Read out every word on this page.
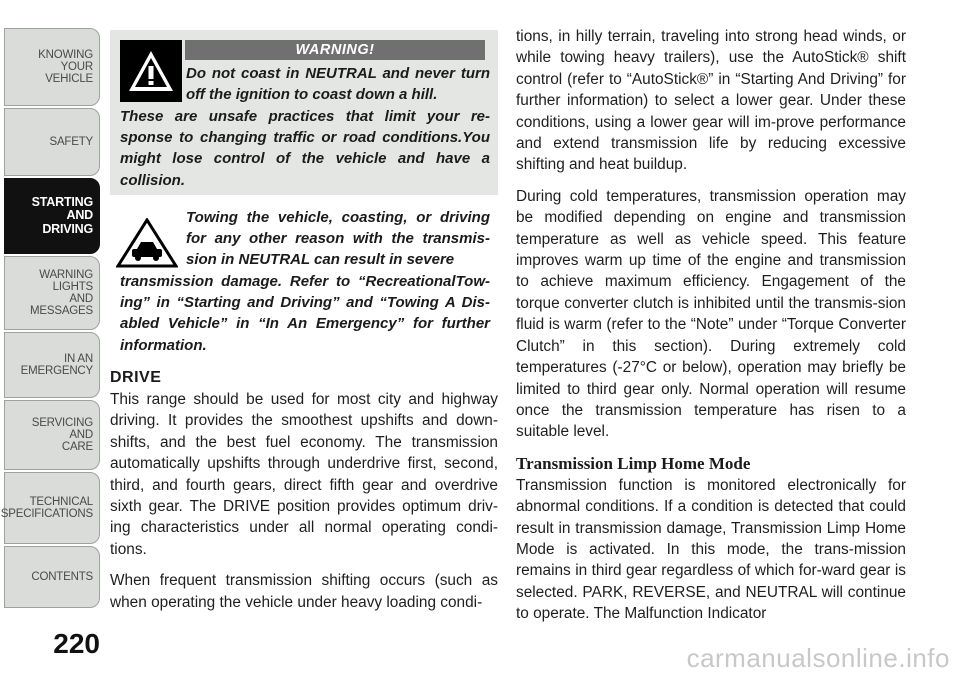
KNOWING
YOUR
VEHICLE
SAFETY
STARTING
AND
DRIVING
WARNING
LIGHTS
AND
MESSAGES
IN AN
EMERGENCY
SERVICING
AND
CARE
TECHNICAL
SPECIFICATIONS
CONTENTS
220
WARNING!
Do not coast in NEUTRAL and never turn off the ignition to coast down a hill.
These are unsafe practices that limit your re-sponse to changing traffic or road conditions.You might lose control of the vehicle and have a collision.
Towing the vehicle, coasting, or driving for any other reason with the transmis-sion in NEUTRAL can result in severe
transmission damage. Refer to “RecreationalTow-ing” in “Starting and Driving” and “Towing A Dis-abled Vehicle” in “In An Emergency” for further information.
DRIVE

This range should be used for most city and highway driving. It provides the smoothest upshifts and down-shifts, and the best fuel economy. The transmission automatically upshifts through underdrive first, second, third, and fourth gears, direct fifth gear and overdrive sixth gear. The DRIVE position provides optimum driv-ing characteristics under all normal operating condi-tions.

When frequent transmission shifting occurs (such as when operating the vehicle under heavy loading condi-

tions, in hilly terrain, traveling into strong head winds, or while towing heavy trailers), use the AutoStick® shift control (refer to “AutoStick®” in “Starting And Driving” for further information) to select a lower gear. Under these conditions, using a lower gear will im-prove performance and extend transmission life by reducing excessive shifting and heat buildup.

During cold temperatures, transmission operation may be modified depending on engine and transmission temperature as well as vehicle speed. This feature improves warm up time of the engine and transmission to achieve maximum efficiency. Engagement of the torque converter clutch is inhibited until the transmis-sion fluid is warm (refer to the “Note” under “Torque Converter Clutch” in this section). During extremely cold temperatures (-27°C or below), operation may briefly be limited to third gear only. Normal operation will resume once the transmission temperature has risen to a suitable level.

Transmission Limp Home Mode

Transmission function is monitored electronically for abnormal conditions. If a condition is detected that could result in transmission damage, Transmission Limp Home Mode is activated. In this mode, the trans-mission remains in third gear regardless of which for-ward gear is selected. PARK, REVERSE, and NEUTRAL will continue to operate. The Malfunction Indicator

carmanualsonline.info
